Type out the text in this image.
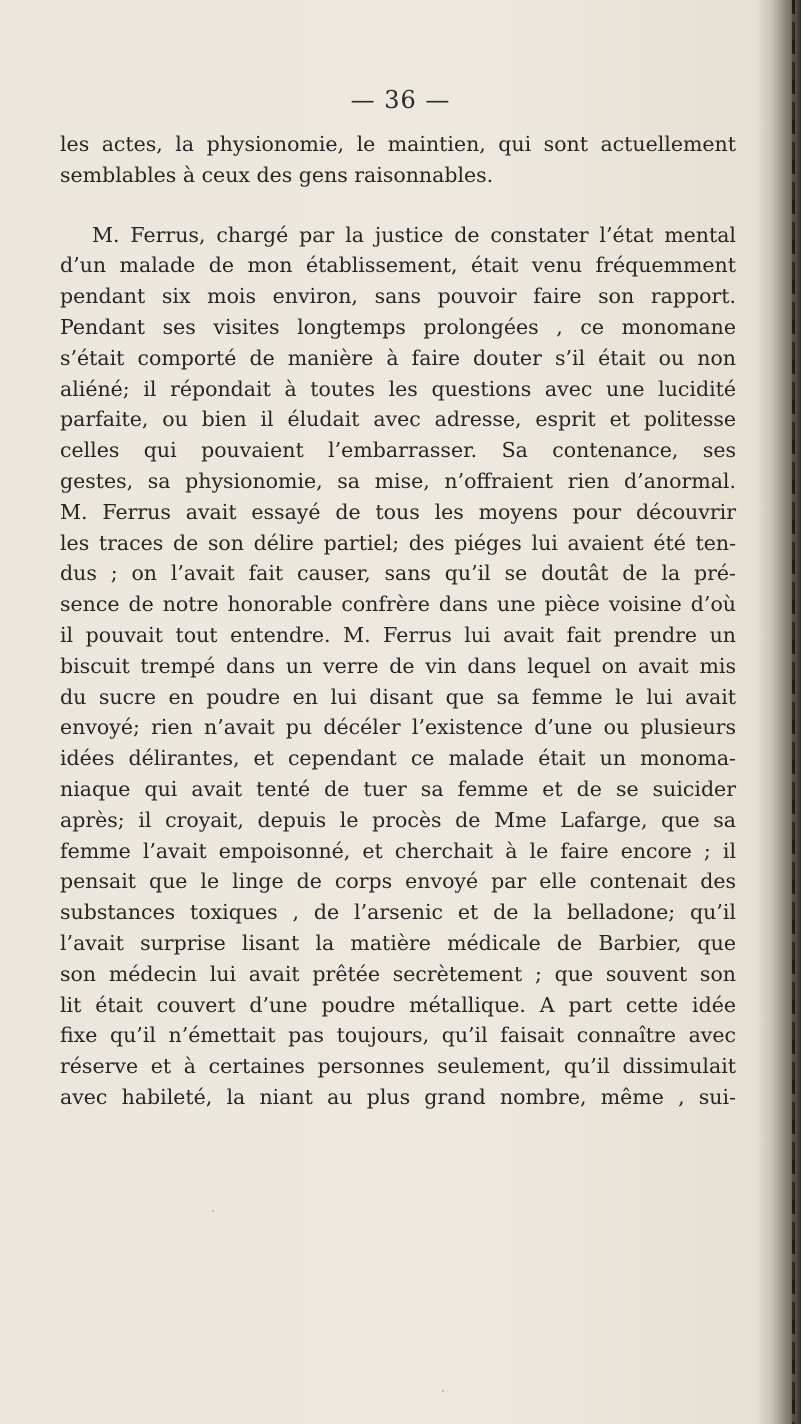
— 36 —
les actes, la physionomie, le maintien, qui sont actuellement
semblables à ceux des gens raisonnables.
M. Ferrus, chargé par la justice de constater l’état mental
d’un malade de mon établissement, était venu fréquemment
pendant six mois environ, sans pouvoir faire son rapport.
Pendant ses visites longtemps prolongées , ce monomane
s’était comporté de manière à faire douter s’il était ou non
aliéné; il répondait à toutes les questions avec une lucidité
parfaite, ou bien il éludait avec adresse, esprit et politesse
celles qui pouvaient l’embarrasser. Sa contenance, ses
gestes, sa physionomie, sa mise, n’offraient rien d’anormal.
M. Ferrus avait essayé de tous les moyens pour découvrir
les traces de son délire partiel; des piéges lui avaient été ten-
dus ; on l’avait fait causer, sans qu’il se doutât de la pré-
sence de notre honorable confrère dans une pièce voisine d’où
il pouvait tout entendre. M. Ferrus lui avait fait prendre un
biscuit trempé dans un verre de vin dans lequel on avait mis
du sucre en poudre en lui disant que sa femme le lui avait
envoyé; rien n’avait pu décéler l’existence d’une ou plusieurs
idées délirantes, et cependant ce malade était un monoma-
niaque qui avait tenté de tuer sa femme et de se suicider
après; il croyait, depuis le procès de Mme Lafarge, que sa
femme l’avait empoisonné, et cherchait à le faire encore ; il
pensait que le linge de corps envoyé par elle contenait des
substances toxiques , de l’arsenic et de la belladone; qu’il
l’avait surprise lisant la matière médicale de Barbier, que
son médecin lui avait prêtée secrètement ; que souvent son
lit était couvert d’une poudre métallique. A part cette idée
fixe qu’il n’émettait pas toujours, qu’il faisait connaître avec
réserve et à certaines personnes seulement, qu’il dissimulait
avec habileté, la niant au plus grand nombre, même , sui-
